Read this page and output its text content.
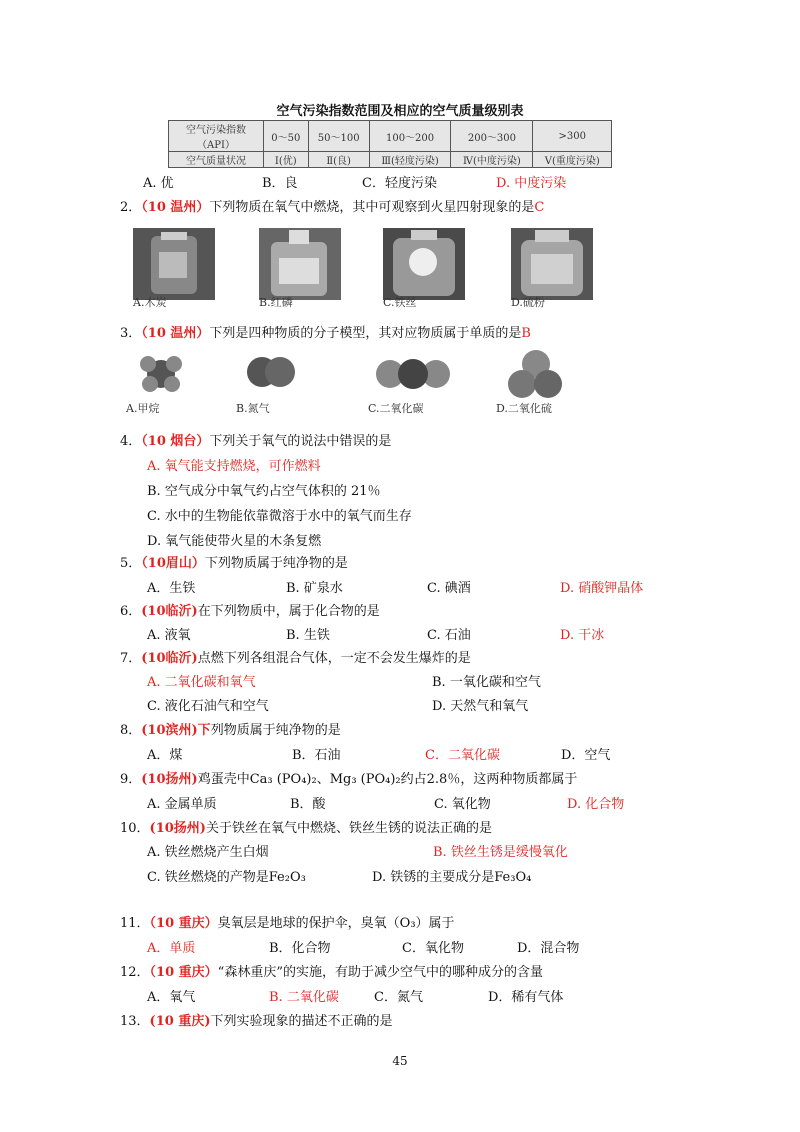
空气污染指数范围及相应的空气质量级别表
空气污染指数（API）	0～50	50～100	100～200	200～300	>300
空气质量状况	Ⅰ(优)	Ⅱ(良)	Ⅲ(轻度污染)	Ⅳ(中度污染)	Ⅴ(重度污染)
A. 优	B．良	C．轻度污染	D. 中度污染
2．（10 温州）下列物质在氧气中燃烧，其中可观察到火星四射现象的是C
A.木炭	B.红磷	C.铁丝	D.硫粉
3．（10 温州）下列是四种物质的分子模型，其对应物质属于单质的是B
A.甲烷	B.氮气	C.二氧化碳	D.二氧化硫
4．（10 烟台）下列关于氧气的说法中错误的是
A. 氧气能支持燃烧，可作燃料
B. 空气成分中氧气约占空气体积的 21％
C. 水中的生物能依靠微溶于水中的氧气而生存
D. 氧气能使带火星的木条复燃
5．（10眉山）下列物质属于纯净物的是
A．生铁	B. 矿泉水	C. 碘酒	D. 硝酸钾晶体
6．(10临沂)在下列物质中，属于化合物的是
A. 液氧	B. 生铁	C. 石油	D. 干冰
7．(10临沂)点燃下列各组混合气体，一定不会发生爆炸的是
A. 二氧化碳和氧气	B. 一氧化碳和空气
C. 液化石油气和空气	D. 天然气和氧气
8．(10滨州)下列物质属于纯净物的是
A．煤	B．石油	C．二氧化碳	D．空气
9．(10扬州)鸡蛋壳中Ca₃ (PO₄)₂、Mg₃ (PO₄)₂约占2.8％，这两种物质都属于
A. 金属单质	B．酸	C. 氧化物	D. 化合物
10．(10扬州)关于铁丝在氧气中燃烧、铁丝生锈的说法正确的是
A. 铁丝燃烧产生白烟	B. 铁丝生锈是缓慢氧化
C. 铁丝燃烧的产物是Fe₂O₃	D. 铁锈的主要成分是Fe₃O₄
11．（10 重庆）臭氧层是地球的保护伞，臭氧（O₃）属于
A．单质	B．化合物	C．氧化物	D．混合物
12．（10 重庆）“森林重庆”的实施，有助于减少空气中的哪种成分的含量
A．氧气	B. 二氧化碳	C．氮气	D．稀有气体
13．(10 重庆)下列实验现象的描述不正确的是
45
